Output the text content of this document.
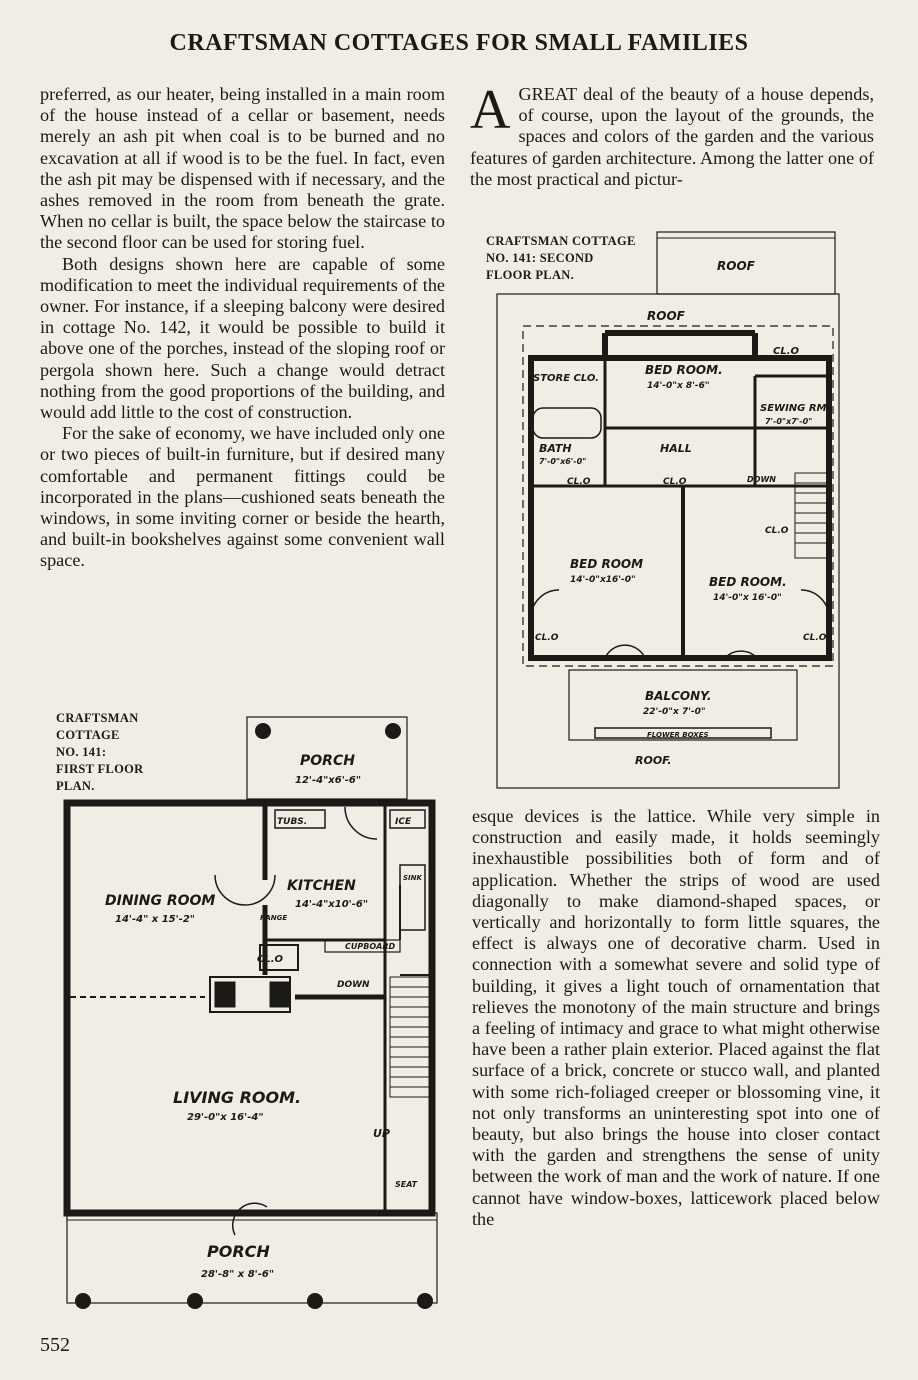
CRAFTSMAN COTTAGES FOR SMALL FAMILIES

preferred, as our heater, being installed in a main room of the house instead of a cellar or basement, needs merely an ash pit when coal is to be burned and no excavation at all if wood is to be the fuel. In fact, even the ash pit may be dispensed with if necessary, and the ashes removed in the room from beneath the grate. When no cellar is built, the space below the staircase to the second floor can be used for storing fuel.

Both designs shown here are capable of some modification to meet the individual requirements of the owner. For instance, if a sleeping balcony were desired in cottage No. 142, it would be possible to build it above one of the porches, instead of the sloping roof or pergola shown here. Such a change would detract nothing from the good proportions of the building, and would add little to the cost of construction.

For the sake of economy, we have included only one or two pieces of built-in furniture, but if desired many comfortable and permanent fittings could be incorporated in the plans—cushioned seats beneath the windows, in some inviting corner or beside the hearth, and built-in bookshelves against some convenient wall space.

A GREAT deal of the beauty of a house depends, of course, upon the layout of the grounds, the spaces and colors of the garden and the various features of garden architecture. Among the latter one of the most practical and pictur-

esque devices is the lattice. While very simple in construction and easily made, it holds seemingly inexhaustible possibilities both of form and of application. Whether the strips of wood are used diagonally to make diamond-shaped spaces, or vertically and horizontally to form little squares, the effect is always one of decorative charm. Used in connection with a somewhat severe and solid type of building, it gives a light touch of ornamentation that relieves the monotony of the main structure and brings a feeling of intimacy and grace to what might otherwise have been a rather plain exterior. Placed against the flat surface of a brick, concrete or stucco wall, and planted with some rich-foliaged creeper or blossoming vine, it not only transforms an uninteresting spot into one of beauty, but also brings the house into closer contact with the garden and strengthens the sense of unity between the work of man and the work of nature. If one cannot have window-boxes, latticework placed below the

CRAFTSMAN
COTTAGE
NO. 141:
FIRST FLOOR
PLAN.
CRAFTSMAN COTTAGE
NO. 141: SECOND
FLOOR PLAN.
PORCH
12'-4"x6'-6"
TUBS.	ICE
DINING ROOM
14'-4" x 15'-2"
KITCHEN
14'-4"x10'-6"
SINK
RANGE
CUPBOARD
CL.O
DOWN
LIVING ROOM.
29'-0"x 16'-4"
UP
SEAT
PORCH
28'-8" x 8'-6"
ROOF
ROOF
STORE CLO.
BED ROOM.
14'-0"x 8'-6"
CL.O
SEWING RM.
7'-0"x7'-0"
BATH
7'-0"x6'-0"
HALL
CL.O	CL.O	DOWN
CL.O
BED ROOM
14'-0"x16'-0"	BED ROOM.
14'-0"x 16'-0"
CL.O	CL.O
BALCONY.
22'-0"x 7'-0"
FLOWER BOXES
ROOF.
552
